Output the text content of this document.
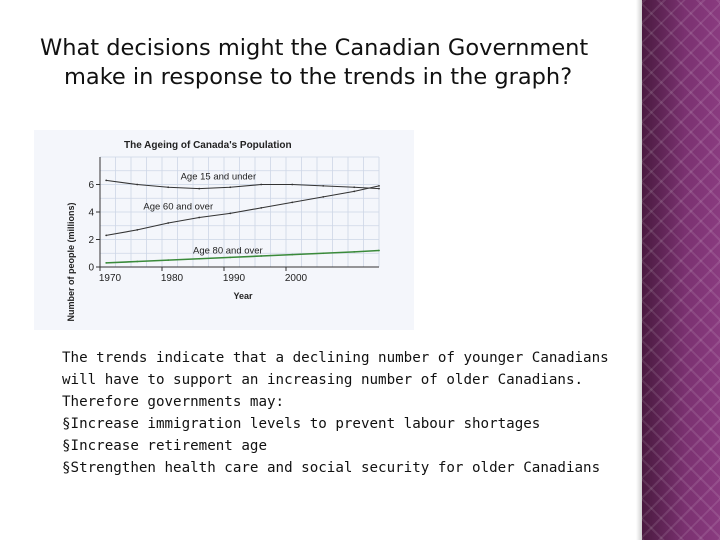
What decisions might the Canadian Government make in response to the trends in the graph?
The Ageing of Canada's Population
0
2
4
6
1970	1980	1990	2000
Age 15 and under
Age 60 and over
Age 80 and over
Number of people (millions)	Year
The trends indicate that a declining number of younger Canadians
will have to support an increasing number of older Canadians.
Therefore governments may:
§Increase immigration levels to prevent labour shortages
§Increase retirement age
§Strengthen health care and social security for older Canadians
